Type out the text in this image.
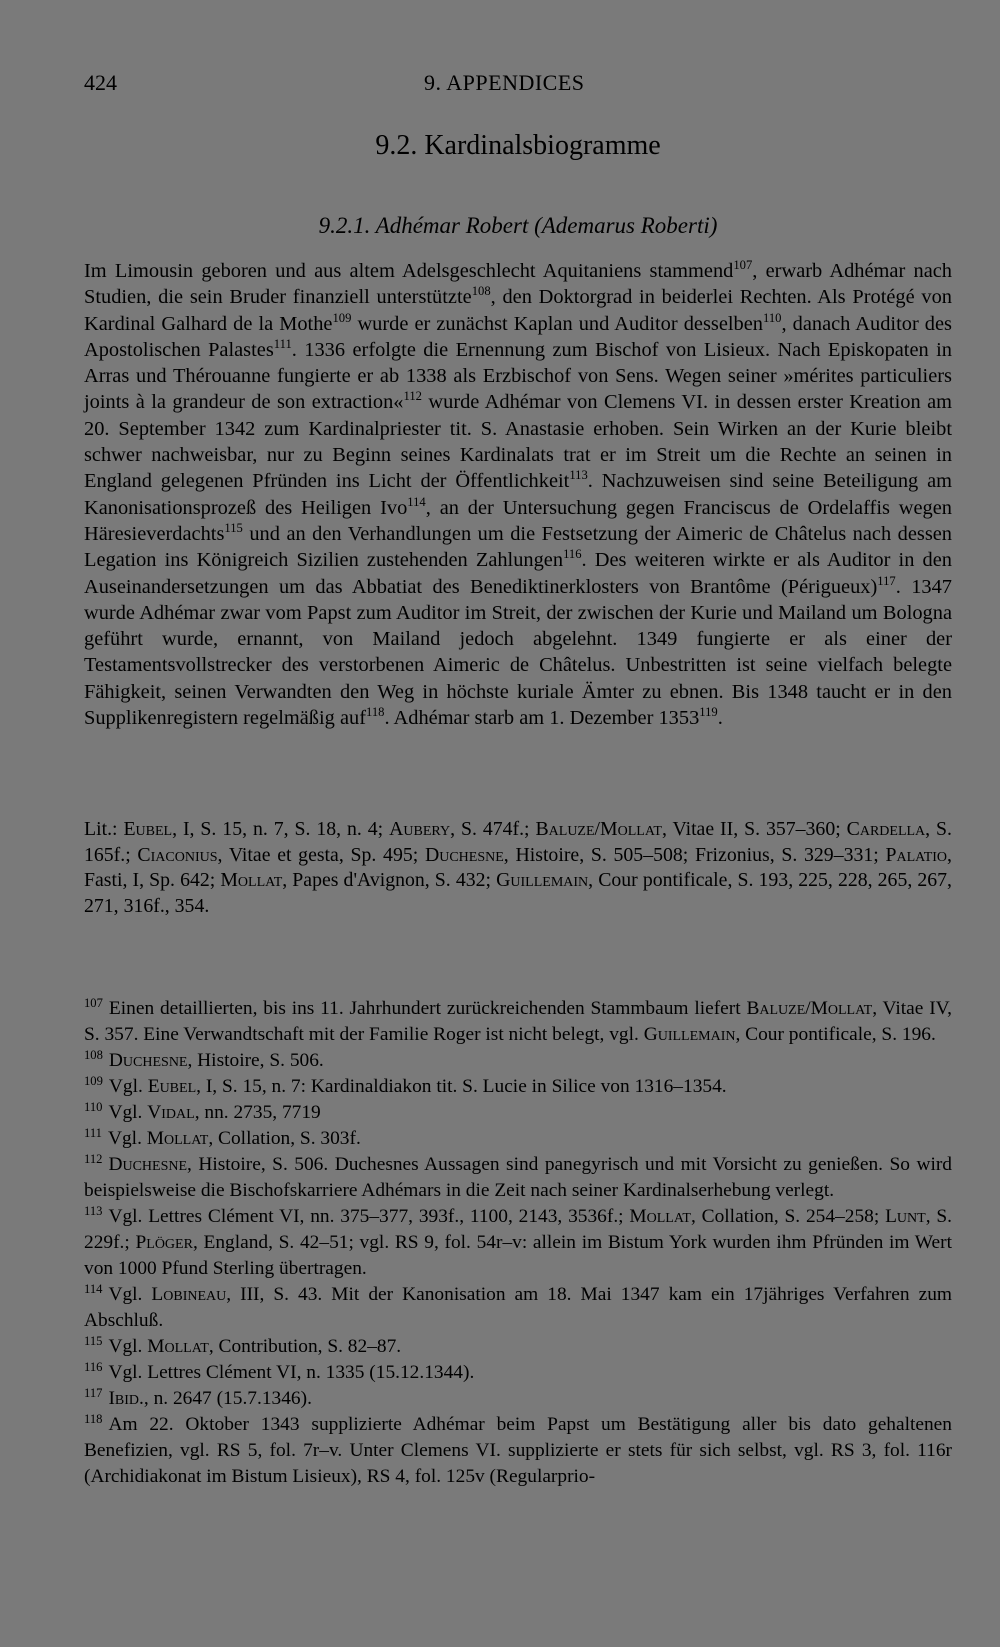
424	9. APPENDICES
9.2. Kardinalsbiogramme
9.2.1. Adhémar Robert (Ademarus Roberti)

Im Limousin geboren und aus altem Adelsgeschlecht Aquitaniens stammend$^{107}$, erwarb Adhémar nach Studien, die sein Bruder finanziell unterstützte$^{108}$, den Doktorgrad in beiderlei Rechten. Als Protégé von Kardinal Galhard de la Mothe$^{109}$ wurde er zunächst Kaplan und Auditor desselben$^{110}$, danach Auditor des Apostolischen Palastes$^{111}$. 1336 erfolgte die Ernennung zum Bischof von Lisieux. Nach Episkopaten in Arras und Thérouanne fungierte er ab 1338 als Erzbischof von Sens. Wegen seiner »mérites particuliers joints à la grandeur de son extraction«$^{112}$ wurde Adhémar von Clemens VI. in dessen erster Kreation am 20. September 1342 zum Kardinalpriester tit. S. Anastasie erhoben. Sein Wirken an der Kurie bleibt schwer nachweisbar, nur zu Beginn seines Kardinalats trat er im Streit um die Rechte an seinen in England gelegenen Pfründen ins Licht der Öffentlichkeit$^{113}$. Nachzuweisen sind seine Beteiligung am Kanonisationsprozeß des Heiligen Ivo$^{114}$, an der Untersuchung gegen Franciscus de Ordelaffis wegen Häresieverdachts$^{115}$ und an den Verhandlungen um die Festsetzung der Aimeric de Châtelus nach dessen Legation ins Königreich Sizilien zustehenden Zahlungen$^{116}$. Des weiteren wirkte er als Auditor in den Auseinandersetzungen um das Abbatiat des Benediktinerklosters von Brantôme (Périgueux)$^{117}$. 1347 wurde Adhémar zwar vom Papst zum Auditor im Streit, der zwischen der Kurie und Mailand um Bologna geführt wurde, ernannt, von Mailand jedoch abgelehnt. 1349 fungierte er als einer der Testamentsvollstrecker des verstorbenen Aimeric de Châtelus. Unbestritten ist seine vielfach belegte Fähigkeit, seinen Verwandten den Weg in höchste kuriale Ämter zu ebnen. Bis 1348 taucht er in den Supplikenregistern regelmäßig auf$^{118}$. Adhémar starb am 1. Dezember 1353$^{119}$.

Lit.: Eubel, I, S. 15, n. 7, S. 18, n. 4; Aubery, S. 474f.; Baluze/Mollat, Vitae II, S. 357–360; Cardella, S. 165f.; Ciaconius, Vitae et gesta, Sp. 495; Duchesne, Histoire, S. 505–508; Frizonius, S. 329–331; Palatio, Fasti, I, Sp. 642; Mollat, Papes d'Avignon, S. 432; Guillemain, Cour pontificale, S. 193, 225, 228, 265, 267, 271, 316f., 354.

$^{107}$ Einen detaillierten, bis ins 11. Jahrhundert zurückreichenden Stammbaum liefert Baluze/Mollat, Vitae IV, S. 357. Eine Verwandtschaft mit der Familie Roger ist nicht belegt, vgl. Guillemain, Cour pontificale, S. 196.

$^{108}$ Duchesne, Histoire, S. 506.

$^{109}$ Vgl. Eubel, I, S. 15, n. 7: Kardinaldiakon tit. S. Lucie in Silice von 1316–1354.

$^{110}$ Vgl. Vidal, nn. 2735, 7719

$^{111}$ Vgl. Mollat, Collation, S. 303f.

$^{112}$ Duchesne, Histoire, S. 506. Duchesnes Aussagen sind panegyrisch und mit Vorsicht zu genießen. So wird beispielsweise die Bischofskarriere Adhémars in die Zeit nach seiner Kardinalserhebung verlegt.

$^{113}$ Vgl. Lettres Clément VI, nn. 375–377, 393f., 1100, 2143, 3536f.; Mollat, Collation, S. 254–258; Lunt, S. 229f.; Plöger, England, S. 42–51; vgl. RS 9, fol. 54r–v: allein im Bistum York wurden ihm Pfründen im Wert von 1000 Pfund Sterling übertragen.

$^{114}$ Vgl. Lobineau, III, S. 43. Mit der Kanonisation am 18. Mai 1347 kam ein 17jähriges Verfahren zum Abschluß.

$^{115}$ Vgl. Mollat, Contribution, S. 82–87.

$^{116}$ Vgl. Lettres Clément VI, n. 1335 (15.12.1344).

$^{117}$ Ibid., n. 2647 (15.7.1346).

$^{118}$ Am 22. Oktober 1343 supplizierte Adhémar beim Papst um Bestätigung aller bis dato gehaltenen Benefizien, vgl. RS 5, fol. 7r–v. Unter Clemens VI. supplizierte er stets für sich selbst, vgl. RS 3, fol. 116r (Archidiakonat im Bistum Lisieux), RS 4, fol. 125v (Regularprio-
